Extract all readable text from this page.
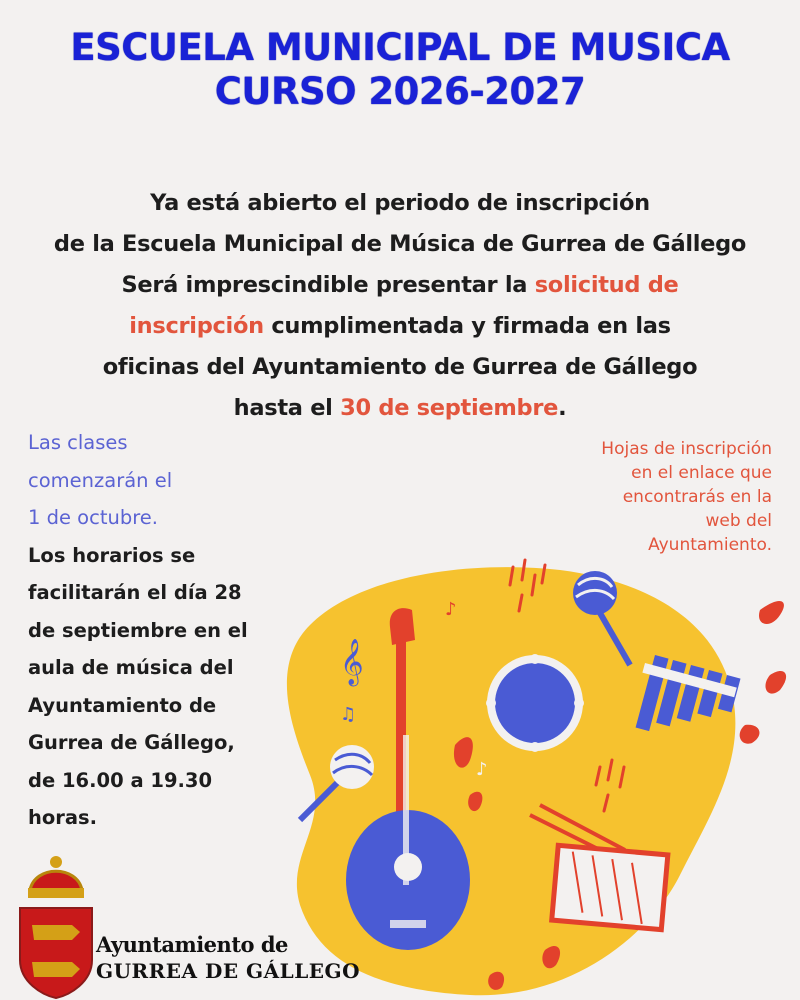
ESCUELA MUNICIPAL DE MUSICA
CURSO 2026-2027
Ya está abierto el periodo de inscripción
de la Escuela Municipal de Música de Gurrea de Gállego
Será imprescindible presentar la solicitud de
inscripción cumplimentada y firmada en las
oficinas del Ayuntamiento de Gurrea de Gállego
hasta el 30 de septiembre.
Las clases
comenzarán el
1 de octubre.
Los horarios se
facilitarán el día 28
de septiembre en el
aula de música del
Ayuntamiento de
Gurrea de Gállego,
de 16.00 a 19.30
horas.
Hojas de inscripción
en el enlace que
encontrarás en la
web del
Ayuntamiento.
𝄞
♪
♫
♪
Ayuntamiento de
GURREA DE GÁLLEGO
